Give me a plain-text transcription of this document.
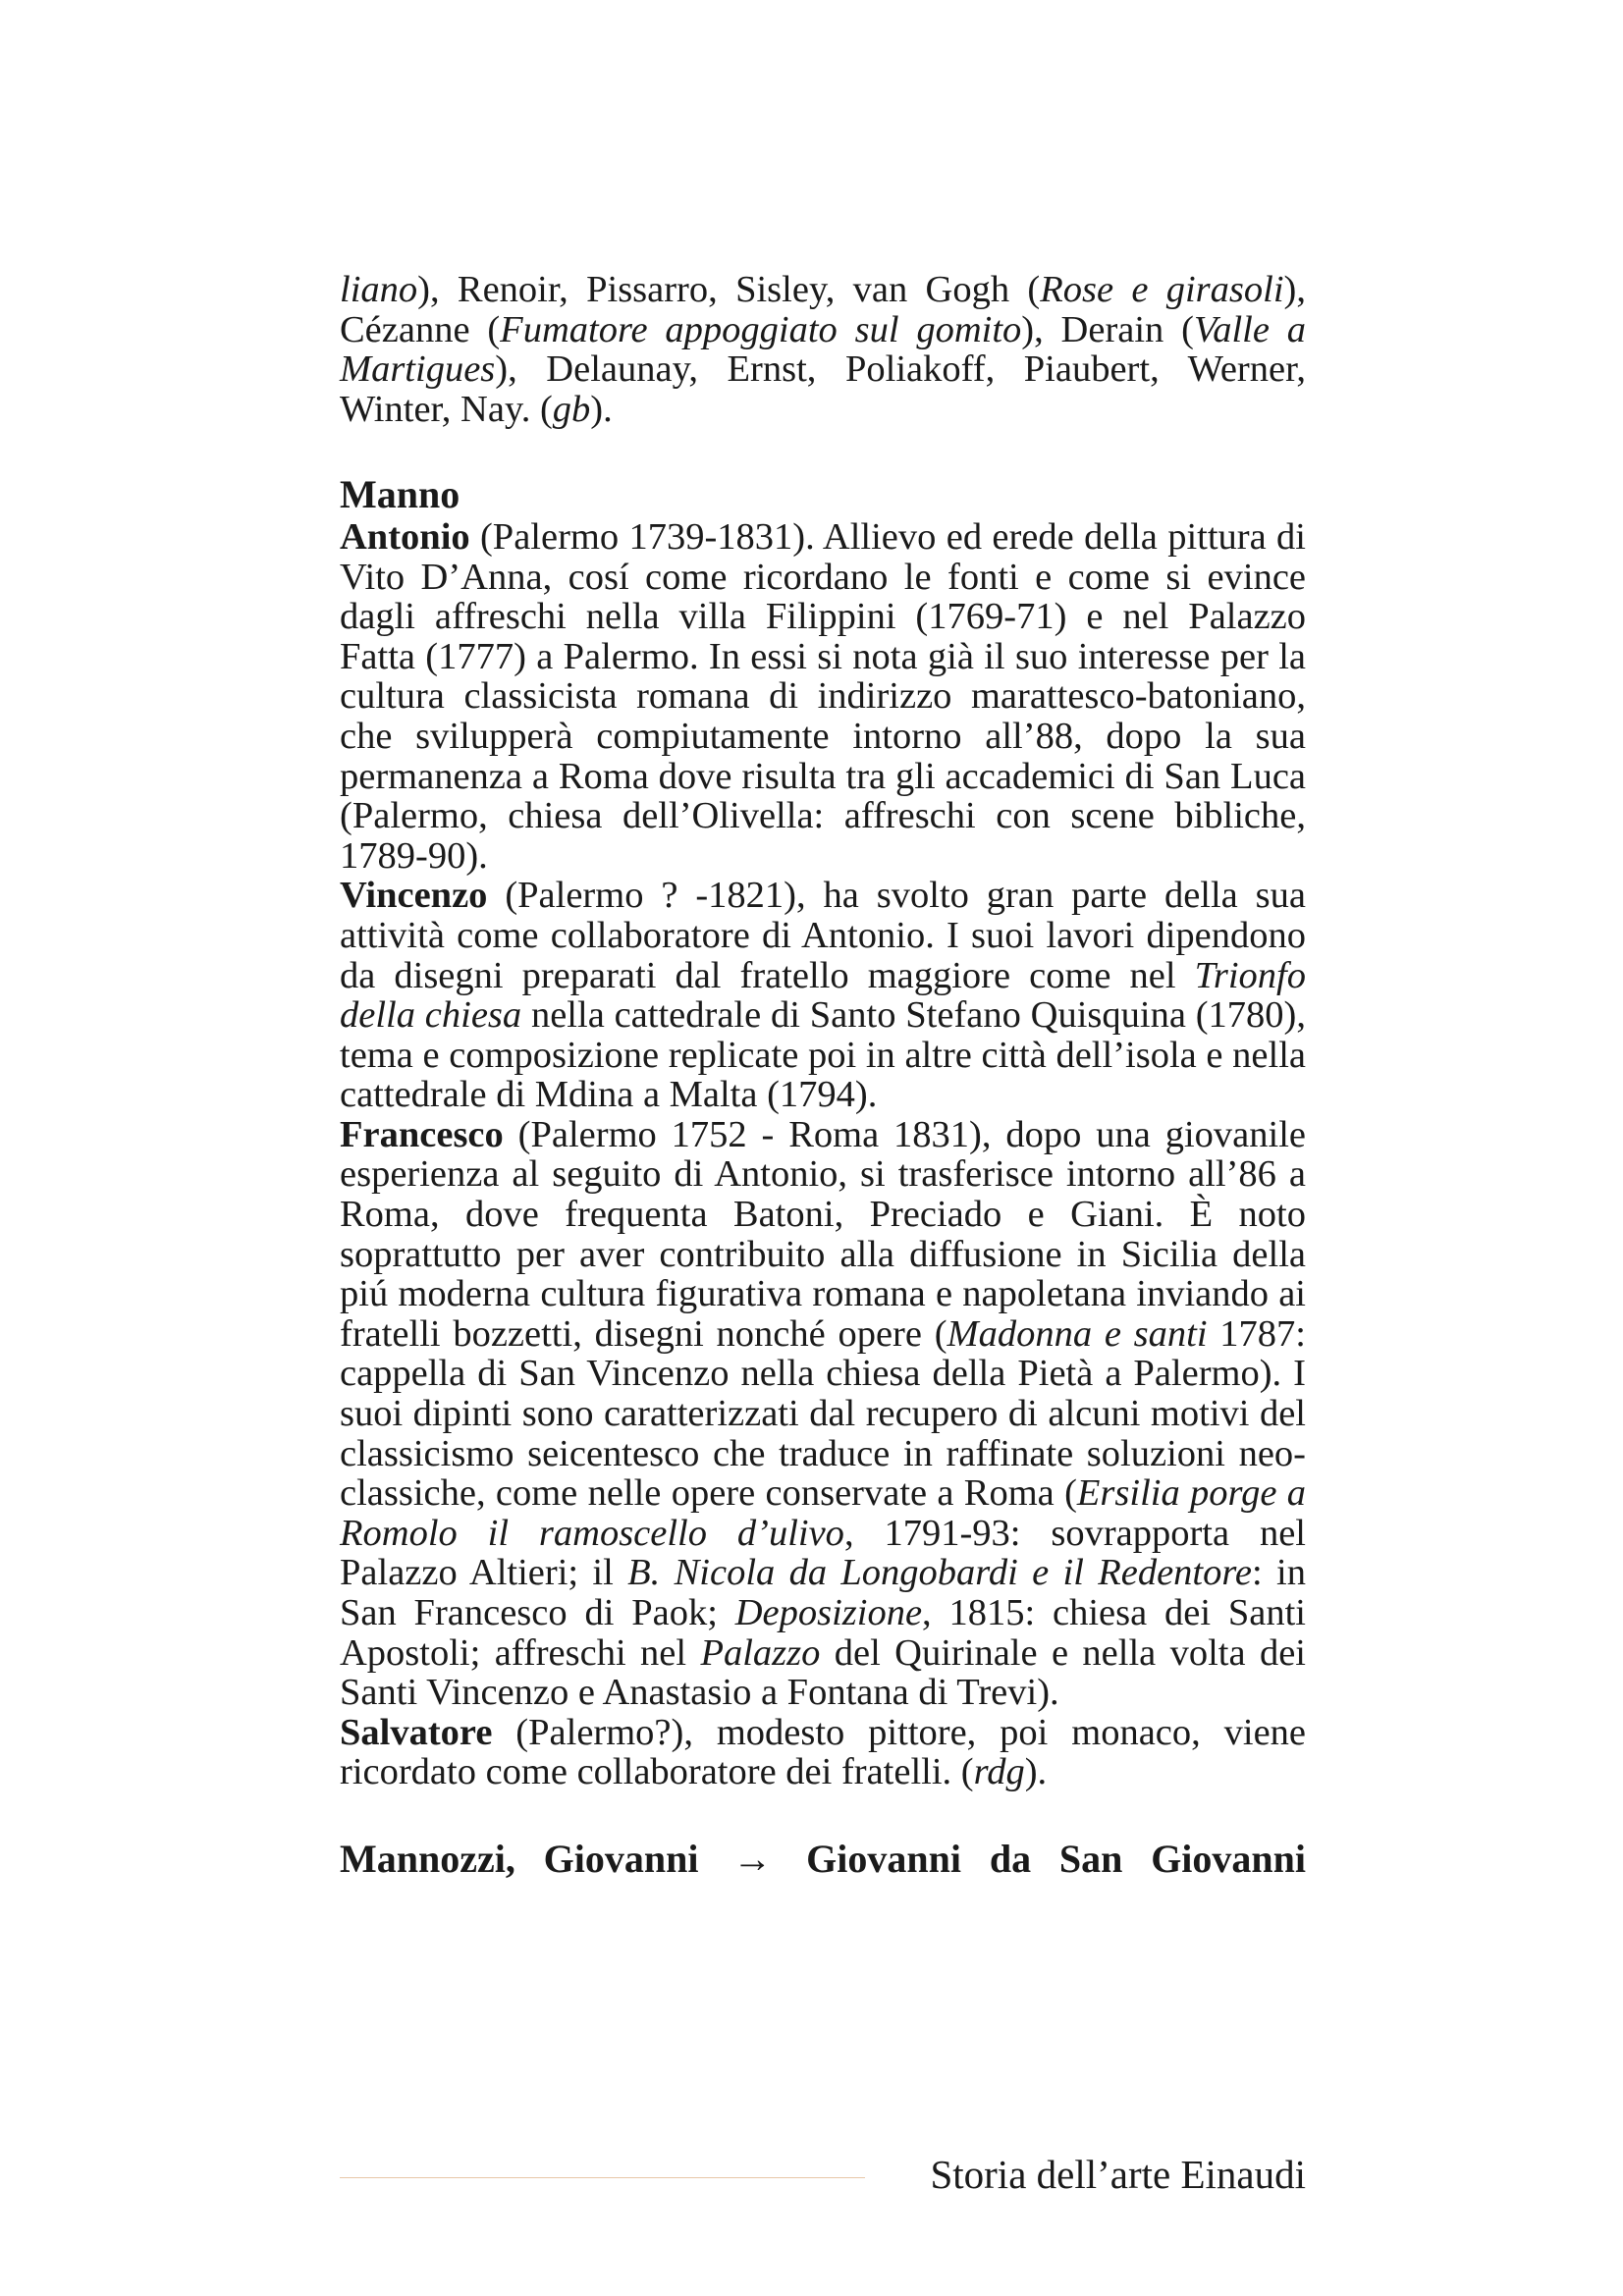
liano), Renoir, Pissarro, Sisley, van Gogh (Rose e girasoli), Cézanne (Fumatore appoggiato sul gomito), Derain (Valle a Martigues), Delaunay, Ernst, Poliakoff, Piaubert, Werner, Winter, Nay. (gb).

Manno

Antonio (Palermo 1739-1831). Allievo ed erede della pittura di Vito D’Anna, cosí come ricordano le fonti e come si evince dagli affreschi nella villa Filippini (1769-71) e nel Palazzo Fatta (1777) a Palermo. In essi si nota già il suo interesse per la cultura classicista romana di indirizzo marattesco-batoniano, che svilupperà compiutamente intorno all’88, dopo la sua permanenza a Roma dove risulta tra gli accademici di San Luca (Palermo, chiesa dell’Olivella: affreschi con scene bibliche, 1789-90).

Vincenzo (Palermo ? -1821), ha svolto gran parte della sua attività come collaboratore di Antonio. I suoi lavori dipendono da disegni preparati dal fratello maggiore come nel Trionfo della chiesa nella cattedrale di Santo Stefano Quisquina (1780), tema e composizione replicate poi in altre città dell’isola e nella cattedrale di Mdina a Malta (1794).

Francesco (Palermo 1752 - Roma 1831), dopo una giovanile esperienza al seguito di Antonio, si trasferisce intorno all’86 a Roma, dove frequenta Batoni, Preciado e Giani. È noto soprattutto per aver contribuito alla diffusione in Sicilia della piú moderna cultura figurativa romana e napoletana inviando ai fratelli bozzetti, disegni nonché opere (Madonna e santi 1787: cappella di San Vincenzo nella chiesa della Pietà a Palermo). I suoi dipinti sono caratterizzati dal recupero di alcuni motivi del classicismo seicentesco che traduce in raffinate soluzioni neoclassiche, come nelle opere conservate a Roma (Ersilia porge a Romolo il ramoscello d’ulivo, 1791-93: sovrapporta nel Palazzo Altieri; il B. Nicola da Longobardi e il Redentore: in San Francesco di Paok; Deposizione, 1815: chiesa dei Santi Apostoli; affreschi nel Palazzo del Quirinale e nella volta dei Santi Vincenzo e Anastasio a Fontana di Trevi).

Salvatore (Palermo?), modesto pittore, poi monaco, viene ricordato come collaboratore dei fratelli. (rdg).

Mannozzi, Giovanni → Giovanni da San Giovanni

Storia dell’arte Einaudi
